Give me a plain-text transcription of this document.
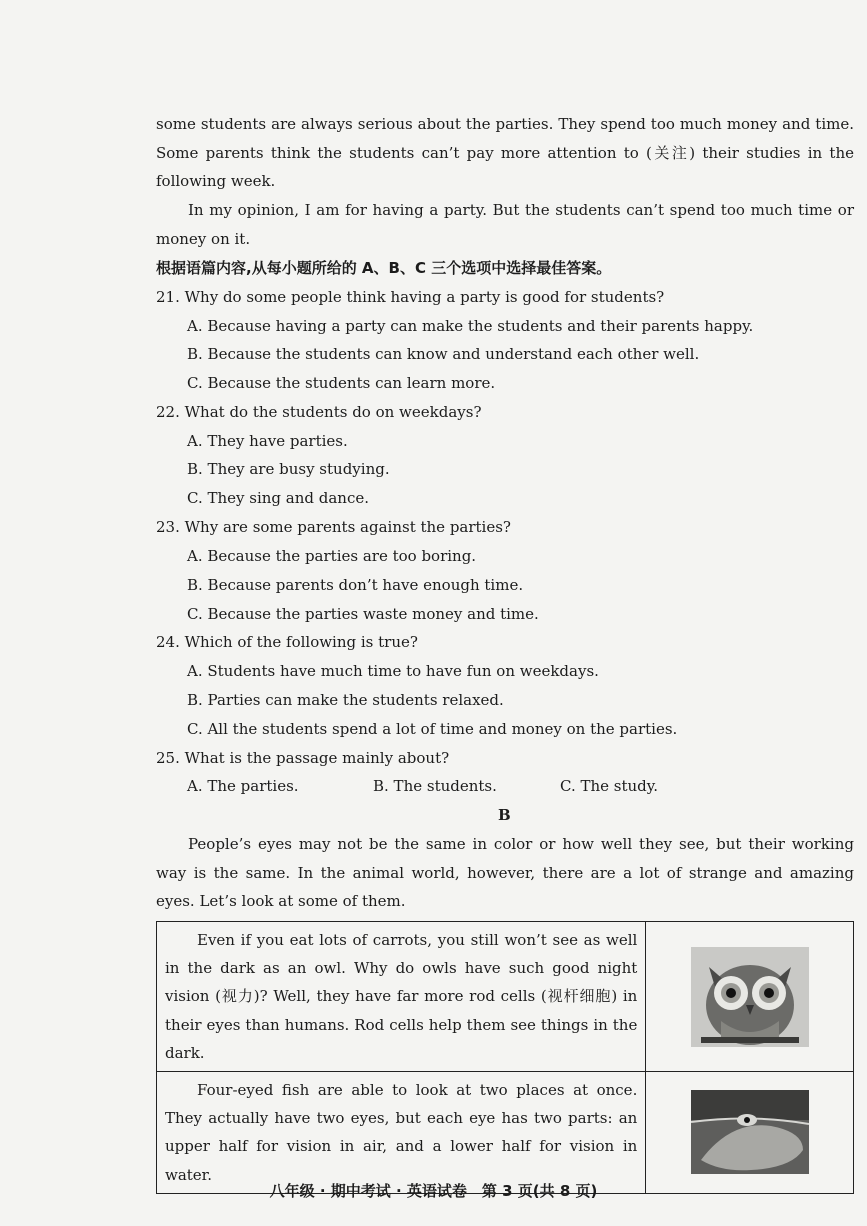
some students are always serious about the parties. They spend too much money and time. Some parents think the students can’t pay more attention to (关注) their studies in the following week.
In my opinion, I am for having a party. But the students can’t spend too much time or money on it.
根据语篇内容,从每小题所给的 A、B、C 三个选项中选择最佳答案。
21. Why do some people think having a party is good for students?
A. Because having a party can make the students and their parents happy.
B. Because the students can know and understand each other well.
C. Because the students can learn more.
22. What do the students do on weekdays?
A. They have parties.
B. They are busy studying.
C. They sing and dance.
23. Why are some parents against the parties?
A. Because the parties are too boring.
B. Because parents don’t have enough time.
C. Because the parties waste money and time.
24. Which of the following is true?
A. Students have much time to have fun on weekdays.
B. Parties can make the students relaxed.
C. All the students spend a lot of time and money on the parties.
25. What is the passage mainly about?
A. The parties.	B. The students.	C. The study.
B
People’s eyes may not be the same in color or how well they see, but their working way is the same. In the animal world, however, there are a lot of strange and amazing eyes. Let’s look at some of them.
Even if you eat lots of carrots, you still won’t see as well in the dark as an owl. Why do owls have such good night vision (视力)? Well, they have far more rod cells (视杆细胞) in their eyes than humans. Rod cells help them see things in the dark.	

Four-eyed fish are able to look at two places at once. They actually have two eyes, but each eye has two parts: an upper half for vision in air, and a lower half for vision in water.	
八年级 · 期中考试 · 英语试卷　第 3 页(共 8 页)
